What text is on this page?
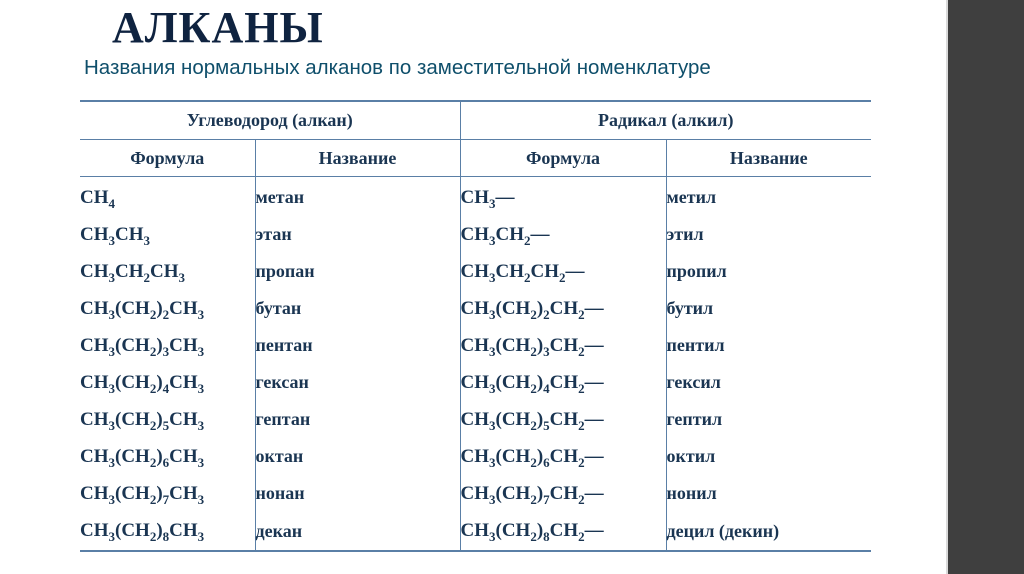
АЛКАНЫ
Названия нормальных алканов по заместительной номенклатуре
Углеводород (алкан)		Радикал (алкил)	
Формула	Название	Формула	Название
$CH_4$	метан	$CH_3—$	метил
$CH_3CH_3$	этан	$CH_3CH_2—$	этил
$CH_3CH_2CH_3$	пропан	$CH_3CH_2CH_2—$	пропил
$CH_3(CH_2)_2CH_3$	бутан	$CH_3(CH_2)_2CH_2—$	бутил
$CH_3(CH_2)_3CH_3$	пентан	$CH_3(CH_2)_3CH_2—$	пентил
$CH_3(CH_2)_4CH_3$	гексан	$CH_3(CH_2)_4CH_2—$	гексил
$CH_3(CH_2)_5CH_3$	гептан	$CH_3(CH_2)_5CH_2—$	гептил
$CH_3(CH_2)_6CH_3$	октан	$CH_3(CH_2)_6CH_2—$	октил
$CH_3(CH_2)_7CH_3$	нонан	$CH_3(CH_2)_7CH_2—$	нонил
$CH_3(CH_2)_8CH_3$	декан	$CH_3(CH_2)_8CH_2—$	децил (декин)
